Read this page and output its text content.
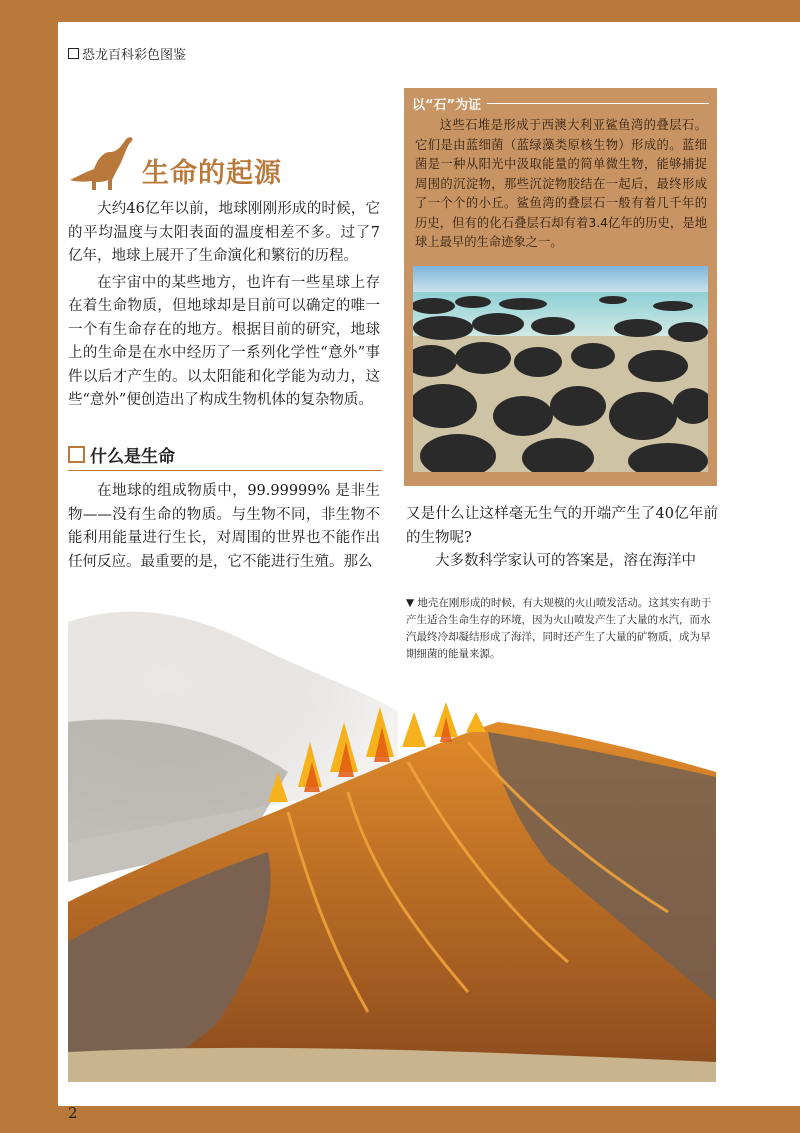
恐龙百科彩色图鉴
生命的起源

大约46亿年以前，地球刚刚形成的时候，它的平均温度与太阳表面的温度相差不多。过了7亿年，地球上展开了生命演化和繁衍的历程。

在宇宙中的某些地方，也许有一些星球上存在着生命物质，但地球却是目前可以确定的唯一一个有生命存在的地方。根据目前的研究，地球上的生命是在水中经历了一系列化学性“意外”事件以后才产生的。以太阳能和化学能为动力，这些“意外”便创造出了构成生物机体的复杂物质。

什么是生命

在地球的组成物质中，99.99999% 是非生物——没有生命的物质。与生物不同，非生物不能利用能量进行生长，对周围的世界也不能作出任何反应。最重要的是，它不能进行生殖。那么

以“石”为证

这些石堆是形成于西澳大利亚鲨鱼湾的叠层石。它们是由蓝细菌（蓝绿藻类原核生物）形成的。蓝细菌是一种从阳光中汲取能量的简单微生物，能够捕捉周围的沉淀物，那些沉淀物胶结在一起后，最终形成了一个个的小丘。鲨鱼湾的叠层石一般有着几千年的历史，但有的化石叠层石却有着3.4亿年的历史，是地球上最早的生命迹象之一。

又是什么让这样毫无生气的开端产生了40亿年前的生物呢?

大多数科学家认可的答案是，溶在海洋中

▼ 地壳在刚形成的时候，有大规模的火山喷发活动。这其实有助于产生适合生命生存的环境，因为火山喷发产生了大量的水汽，而水汽最终冷却凝结形成了海洋，同时还产生了大量的矿物质，成为早期细菌的能量来源。

2
